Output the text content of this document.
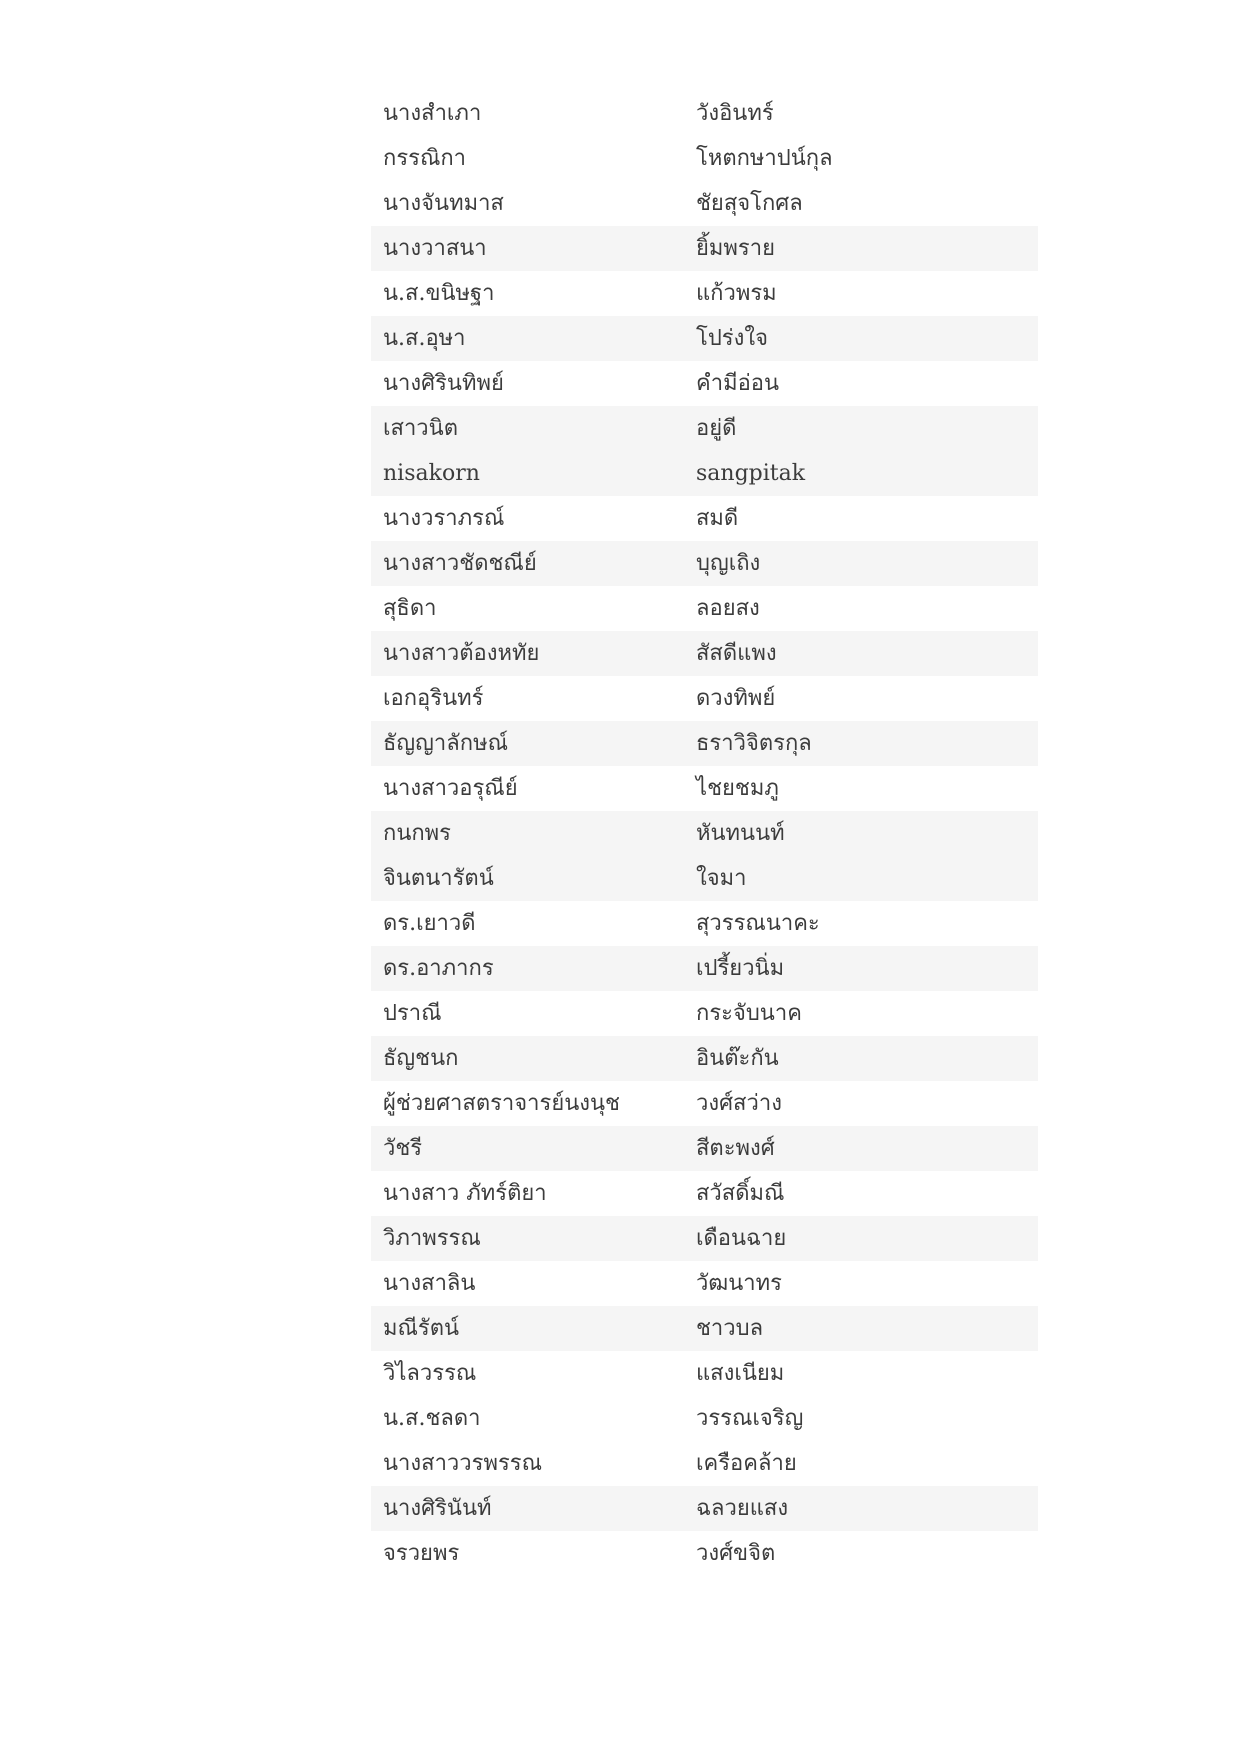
นางสำเภา	วังอินทร์
กรรณิกา	โหตกษาปน์กุล
นางจันทมาส	ชัยสุจโกศล
นางวาสนา	ยิ้มพราย
น.ส.ขนิษฐา	แก้วพรม
น.ส.อุษา	โปร่งใจ
นางศิรินทิพย์	คำมีอ่อน
เสาวนิต	อยู่ดี
nisakorn	sangpitak
นางวราภรณ์	สมดี
นางสาวชัดชณีย์	บุญเถิง
สุธิดา	ลอยสง
นางสาวต้องหทัย	สัสดีแพง
เอกอุรินทร์	ดวงทิพย์
ธัญญาลักษณ์	ธราวิจิตรกุล
นางสาวอรุณีย์	ไชยชมภู
กนกพร	หันทนนท์
จินตนารัตน์	ใจมา
ดร.เยาวดี	สุวรรณนาคะ
ดร.อาภากร	เปรี้ยวนิ่ม
ปราณี	กระจับนาค
ธัญชนก	อินต๊ะกัน
ผู้ช่วยศาสตราจารย์นงนุช	วงศ์สว่าง
วัชรี	สีตะพงศ์
นางสาว ภัทร์ติยา	สวัสดิ์มณี
วิภาพรรณ	เดือนฉาย
นางสาลิน	วัฒนาทร
มณีรัตน์	ชาวบล
วิไลวรรณ	แสงเนียม
น.ส.ชลดา	วรรณเจริญ
นางสาววรพรรณ	เครือคล้าย
นางศิรินันท์	ฉลวยแสง
จรวยพร	วงศ์ขจิต
